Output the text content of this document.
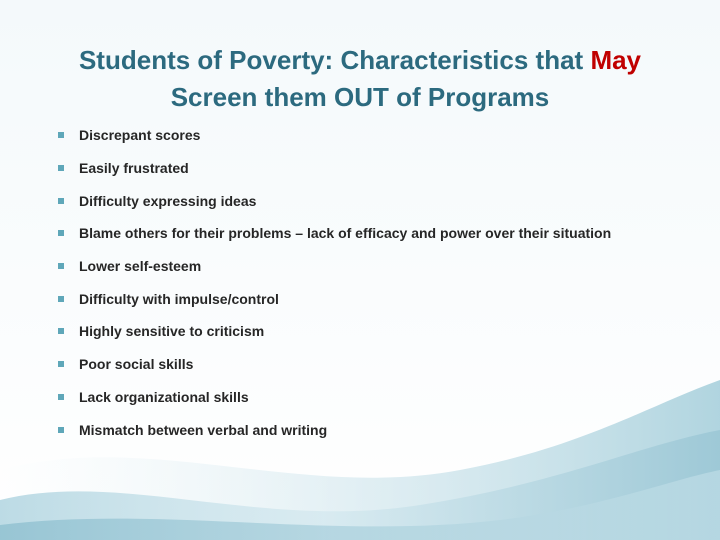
Students of Poverty: Characteristics that May
Screen them OUT of Programs
Discrepant scores
Easily frustrated
Difficulty expressing ideas
Blame others for their problems – lack of efficacy and power over their situation
Lower self-esteem
Difficulty with impulse/control
Highly sensitive to criticism
Poor social skills
Lack organizational skills
Mismatch between verbal and writing
